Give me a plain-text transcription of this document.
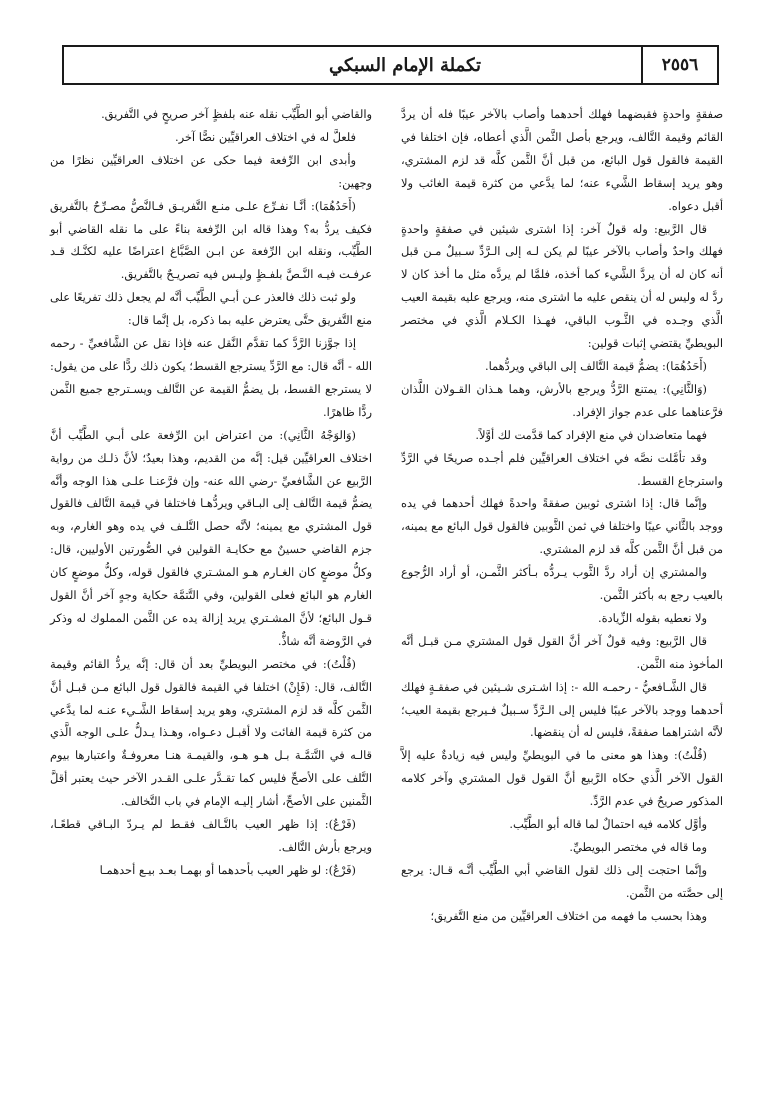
٢٥٥٦
تكملة الإمام السبكي

صفقةٍ واحدةٍ فقبضهما فهلك أحدهما وأصاب بالآخر عيبًا فله أن يردَّ القائم وقيمة التَّالف، ويرجع بأصل الثَّمن الَّذي أعطاه، فإن اختلفا في القيمة فالقول قول البائع، من قبل أنَّ الثَّمن كلَّه قد لزم المشتري، وهو يريد إسقاط الشَّيء عنه؛ لما يدَّعي من كثرة قيمة الغائب ولا أقبل دعواه.

قال الرَّبيع: وله قولٌ آخر: إذا اشترى شيئين في صفقةٍ واحدةٍ فهلك واحدٌ وأصاب بالآخر عيبًا لم يكن لـه إلى الـرَّدِّ سـبيلٌ مـن قبل أنه كان له أن يردَّ الشَّيء كما أخذه، فلمَّا لم يردَّه مثل ما أخذ كان لا ردَّ له وليس له أن ينقص عليه ما اشترى منه، ويرجع عليه بقيمة العيب الَّذي وجـده في الثَّـوب الباقي، فهـذا الكـلام الَّذي في مختصر البويطيِّ يقتضي إثبات قولين:

(أَحَدُهُمَا): يضمُّ قيمة التَّالف إلى الباقي ويردُّهما.

(وَالثَّانِي): يمتنع الرَّدُّ ويرجع بالأرش، وهما هـذان القـولان اللَّذان فرَّعناهما على عدم جواز الإفراد.

فهما متعاضدان في منع الإفراد كما قدَّمت لك أوَّلاً.

وقد تأمَّلت نصَّه في اختلاف العراقيِّين فلم أجـده صريحًا في الرَّدِّ واسترجاع القسط.

وإنَّما قال: إذا اشترى ثوبين صفقةً واحدةً فهلك أحدهما في يده ووجد بالثَّاني عيبًا واختلفا في ثمن الثَّوبين فالقول قول البائع مع يمينه، من قبل أنَّ الثَّمن كلَّه قد لزم المشتري.

والمشتري إن أراد ردَّ الثَّوب يـردُّه بـأكثر الثَّمـن، أو أراد الرُّجوع بالعيب رجع به بأكثر الثَّمن.

ولا نعطيه بقوله الزِّيادة.

قال الرَّبيع: وفيه قولٌ آخر أنَّ القول قول المشتري مـن قبـل أنَّه المأخوذ منه الثَّمن.

قال الشَّـافعيُّ - رحمـه الله -: إذا اشـترى شـيئين في صفقـةٍ فهلك أحدهما ووجد بالآخر عيبًا فليس إلى الـرَّدِّ سـبيلٌ فـيرجع بقيمة العيب؛ لأنَّه اشتراهما صفقةً، فليس له أن ينقضها.

(قُلْتُ): وهذا هو معنى ما في البويطيِّ وليس فيه زيادةٌ عليه إلاَّ القول الآخر الَّذي حكاه الرَّبيع أنَّ القول قول المشتري وآخر كلامه المذكور صريحٌ في عدم الرَّدِّ.

وأوَّل كلامه فيه احتمالٌ لما قاله أبو الطَّيِّب.

وما قاله في مختصر البويطيِّ.

وإنَّما احتجت إلى ذلك لقول القاضي أبي الطَّيِّب أنَّـه قـال: يرجع إلى حصَّته من الثَّمن.

وهذا بحسب ما فهمه من اختلاف العراقيِّين من منع التَّفريق؛

والقاضي أبو الطَّيِّب نقله عنه بلفظٍ آخر صريحٍ في التَّفريق.

فلعلَّ له في اختلاف العراقيِّين نصًّا آخر.

وأبدى ابن الرِّفعة فيما حكى عن اختلاف العراقيِّين نظرًا من وجهين:

(أَحَدُهُمَا): أنَّـا نفـرِّع علـى منـع التَّفريـق فـالنَّصُّ مصـرِّحٌ بالتَّفريق فكيف يردُّ به؟ وهذا قاله ابن الرِّفعة بناءً على ما نقله القاضي أبو الطَّيِّب، ونقله ابن الرِّفعة عن ابـن الصَّبَّاغ اعتراضًا عليه لكنَّـك قـد عرفـت فيـه النَّـصَّ بلفـظٍ وليـس فيه تصريـحٌ بالتَّفريق.

ولو ثبت ذلك فالعذر عـن أبـي الطَّيِّب أنَّه لم يجعل ذلك تفريعًا على منع التَّفريق حتَّى يعترض عليه بما ذكره، بل إنَّما قال:

إذا جوَّزنا الرَّدَّ كما تقدَّم النَّقل عنه فإذا نقل عن الشَّافعيِّ - رحمه الله - أنَّه قال: مع الرَّدِّ يسترجع القسط؛ يكون ذلك ردًّا على من يقول: لا يسترجع القسط، بل يضمُّ القيمة عن التَّالف ويسـترجع جميع الثَّمن ردًّا ظاهرًا.

(وَالوَجْهُ الثَّانِي): من اعتراض ابن الرِّفعة على أبـي الطَّيِّب أنَّ اختلاف العراقيِّين قيل: إنَّه من القديم، وهذا بعيدٌ؛ لأنَّ ذلـك من رواية الرَّبيع عن الشَّافعيِّ -رضي الله عنه- وإن فرَّعنـا علـى هذا الوجه وأنَّه يضمُّ قيمة التَّالف إلى البـاقي ويردُّهـا فاختلفا في قيمة التَّالف فالقول قول المشتري مع يمينه؛ لأنَّه حصل التَّلـف في يده وهو الغارم، وبه جزم القاضي حسينٌ مع حكايـة القولين في الصُّورتين الأوليين، قال: وكلُّ موضعٍ كان الغـارم هـو المشـتري فالقول قوله، وكلُّ موضعٍ كان الغارم هو البائع فعلى القولين، وفي التَّتمَّة حكاية وجهٍ آخر أنَّ القول قـول البائع؛ لأنَّ المشـتري يريد إزالة يده عن الثَّمن المملوك له وذكر في الرَّوضة أنَّه شاذٌّ.

(قُلْتُ): في مختصر البويطيِّ بعد أن قال: إنَّه يردُّ القائم وقيمة التَّالف، قال: (فَإِنْ) اختلفا في القيمة فالقول قول البائع مـن قبـل أنَّ الثَّمن كلَّه قد لزم المشتري، وهو يريد إسقاط الشَّـيء عنـه لما يدَّعي من كثرة قيمة الفائت ولا أقبـل دعـواه، وهـذا يـدلُّ علـى الوجه الَّذي قالـه في التَّتمَّـة بـل هـو هـو، والقيمـة هنـا معروفـةٌ واعتبارها بيوم التَّلف على الأصحِّ فليس كما تقـدَّر علـى القـدر الآخر حيث يعتبر أقلَّ الثَّمنين على الأصحِّ، أشار إليـه الإمام في باب التَّخالف.

(فَرْعٌ): إذا ظهر العيب بالتَّـالف فقـط لم يـردّ البـاقي قطعًـا، ويرجع بأرش التَّالف.

(فَرْعٌ): لو ظهر العيب بأحدهما أو بهمـا بعـد بيـع أحدهمـا
